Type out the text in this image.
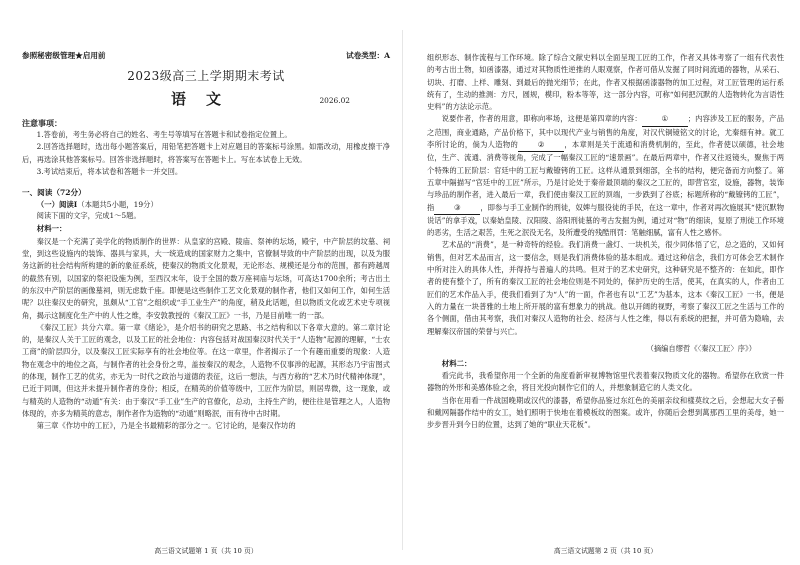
参照秘密级管理★启用前	试卷类型：A
2023级高三上学期期末考试
语文	2026.02
注意事项：

1.答卷前，考生务必将自己的姓名、考生号等填写在答题卡和试卷指定位置上。

2.回答选择题时，选出每小题答案后，用铅笔把答题卡上对应题目的答案标号涂黑。如需改动，用橡皮擦干净后，再选涂其他答案标号。回答非选择题时，将答案写在答题卡上。写在本试卷上无效。

3.考试结束后，将本试卷和答题卡一并交回。

一、阅读（72分）
（一）阅读Ⅰ（本题共5小题，19分）

阅读下面的文字，完成1～5题。

材料一：

秦汉是一个充满了美学化的物质制作的世界：从皇家的宫殿、陵庙、祭神的坛场，殿宇，中产阶层的坟墓、祠堂，到这些设施内的装饰、器具与家具，大一统造成的国家财力之集中，官僚制导致的中产阶层的出现，以及为服务这新的社会结构所构建的新的象征系统，使秦汉的物质文化景观，无论形态、规模还是分布的范围，都有跨越周的截然有别，以国家的祭祀设施为例，至西汉末年，设于全国的数万座祠庙与坛场，可高达1700余所；考古出土的东汉中产阶层的画像墓祠，则无虑数千座。即便是这些制作工艺文化景观的制作者，他们又如何工作，如何生活呢？以往秦汉史的研究，虽颇从“工官”之组织或“手工业生产”的角度，稍及此话题，但以物质文化或艺术史专项视角，揭示这制度化生产中的人性之维，李安敦教授的《秦汉工匠》一书，乃是目前唯一的一部。

《秦汉工匠》共分六章。第一章《绪论》，是介绍书的研究之思路、书之结构和以下各章大意的。第二章讨论的，是秦汉人关于工匠的观念，以及工匠的社会地位：内容包括对战国秦汉时代关于“人造物”起源的理解，“士农工商”的阶层四分，以及秦汉工匠实际享有的社会地位等。在这一章里，作者揭示了一个有趣而重要的现象：人造物在观念中的地位之高，与制作者的社会身份之卑，盖按秦汉的观念，人造物不仅事涉的起源，其形态乃宇宙图式的体现，制作工艺的优劣，亦无为一时代之政治与道德的表征，这后一想法，与西方称的“艺术乃时代精神体现”，已近于同调，但这并未提升制作者的身份；相反，在精英的价值等级中，工匠作为阶层，则居卑微，这一现象，或与精英的人造物的“动遁”有关：由于秦汉“手工业”生产的官僚化，总动，主持生产的，便往往是管理之人，人造物体现的，亦多为精英的意志，制作者作为造物的“动遁”则略泯，而有待中古时期。

第三章《作坊中的工匠》，乃是全书最精彩的部分之一。它讨论的，是秦汉作坊的

高三语文试题第 1 页（共 10 页）

组织形态、制作流程与工作环境。除了综合文献史料以全面呈现工匠的工作，作者又具体考察了一组有代表性的考古出土物，如函漆器，通过对其物质性逆推的人眼观察，作者可借从发掘了同时间流通的器物，从采石、切块、打磨、上样、雕刻、到最后的抛光细节；在此，作者又根据函漆器物的加工过程，对工匠管理的运行系统有了，生动的推测：方尺，圆规，模印，粉本等等，这一部分内容，可称“如何把沉默的人造物转化为言语性史料”的方法论示范。

说要作者，作者的用意，即称向率场，这便是第四章的内容：	①	；内容涉及工匠的服务，产品之范围，商业通路，产品价格下，其中以现代产业与销售的角度，对汉代铜镜铭文的讨论，尤秦细有神。就工李所讨论的，倘为人造物的	②	，本章则是关于流通和消费机制的，至此，作者使以硕德，社会地位，生产、流通、消费等视角，完成了一幅秦汉工匠的“速景画”。在最后两章中，作者又往返镜头，聚焦于两个特殊的工匠阶层：官廷中的工匠与戴镣铐的工匠。这样从通景到细部，全书的结构，便完备而方向整了。第五章中隔描写“官廷中的工匠”所示，乃是讨论处于秦帝最顶端的秦汉之工匠的，即营官室，设施，器物，装饰与珍品的制作者，进入最后一章，我们使由秦汉工匠的顶端，一步跌到了谷底；标题所称的“戴镣铐的工匠”，指	③	，即参与手工业制作的刑徒，奴婢与服役徒的手民，在这一章中，作者对再次施展其“使沉默物说话”的拿手戏，以秦始皇陵、汉阳陵、洛阳刑徒墓的考古发掘为例，通过对“物”的细读，复原了刑徒工作环境的恶劣，生活之艰苦，生死之泯没无名，及所遭受的残酷刑罚：笔触细腻，富有人性之感怀。

艺术品的“消费”，是一种奇特的经验。我们消费一盏灯、一块机关，很少同体悟了它，总之造的，又如何销售，但对艺术品而言，这一要信念，则是我们消费体验的基本组成。通过这种信念，我们方可体会艺术制作中所对注入的具体人性，并得持与普遍人的共鸣。但对于的艺术史研究，这种研究是不整齐的：在如此，即作者的使有整个了，所有的秦汉工匠的社会地位则是不同处的，保护历史的生活，使其，在真实的人，作者由工匠们的艺术作品入手，使我们看到了为“人”的一面，作者也有以“工艺”为基本，这本《秦汉工匠》一书，便是入的力量在一块普雅的土地上所开展的富有想象力的挑战。他以开阔的视野，考察了秦汉工匠之生活与工作的各个侧面，借由其考察，我们对秦汉人造物的社会、经济与人性之维，得以有系统的把握，并可借为隐喻，去理解秦汉帝国的荣誉与兴亡。

（摘编自缪哲《〈秦汉工匠〉序》）
材料二：

看完此书，我希望你用一个全新的角度看新审视博物馆里代表着秦汉物质文化的器物。希望你在欣赏一件器物的外形和美感体验之余，将目光投向制作它们的人，并想象制造它的人类文化。

当你在用看一件战国晚期或汉代的漆器，希望你品鉴过东红色的美丽亲纹和樣莫纹之后，会想起大女子髻和戴网隔器作结中的女工，她们照明于快地在着模板纹的图案。或许，你随后会想到萬那西工里的美母，她一步步晋升到今日的位置，达到了她的“职业天花板”。

高三语文试题第 2 页（共 10 页）
